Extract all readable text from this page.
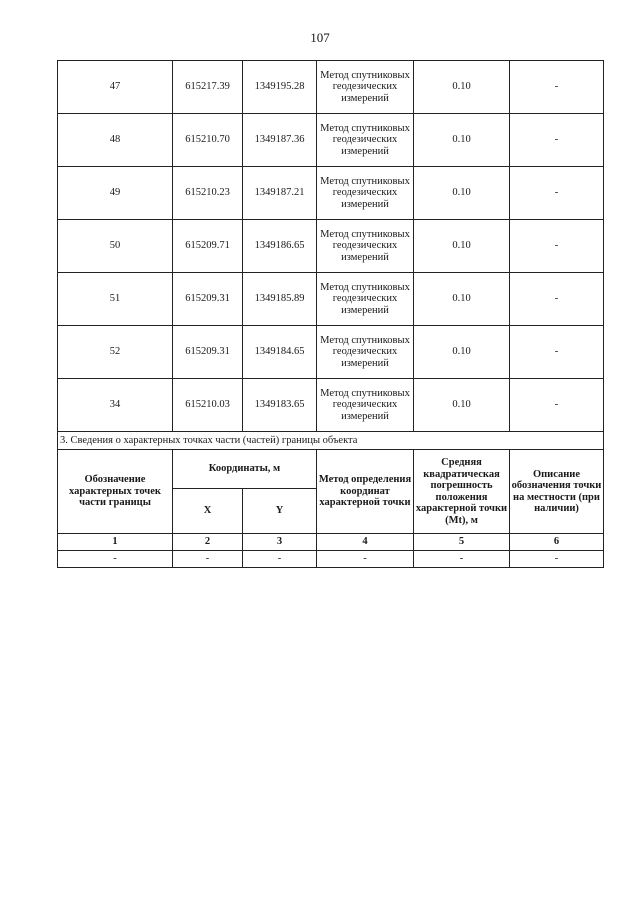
107
47	615217.39	1349195.28	Метод спутниковых геодезических измерений	0.10	-
48	615210.70	1349187.36	Метод спутниковых геодезических измерений	0.10	-
49	615210.23	1349187.21	Метод спутниковых геодезических измерений	0.10	-
50	615209.71	1349186.65	Метод спутниковых геодезических измерений	0.10	-
51	615209.31	1349185.89	Метод спутниковых геодезических измерений	0.10	-
52	615209.31	1349184.65	Метод спутниковых геодезических измерений	0.10	-
34	615210.03	1349183.65	Метод спутниковых геодезических измерений	0.10	-
3. Сведения о характерных точках части (частей) границы объекта					
Обозначение характерных точек части границы	Координаты, м		Метод определения координат характерной точки	Средняя квадратическая погрешность положения характерной точки (Mt), м	Описание обозначения точки на местности (при наличии)
	X	Y			
1	2	3	4	5	6
-	-	-	-	-	-
